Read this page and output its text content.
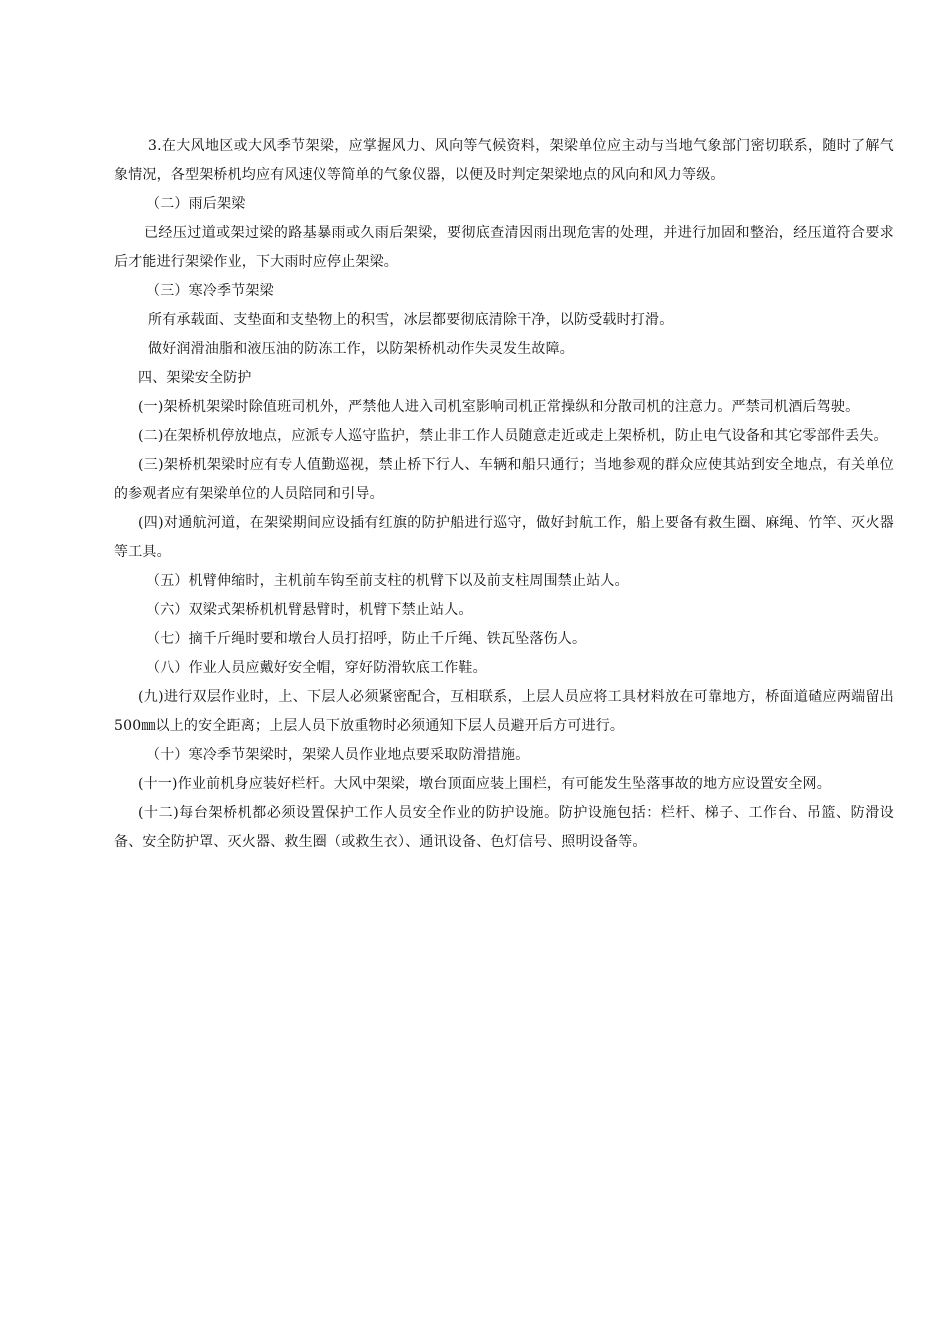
3.在大风地区或大风季节架梁，应掌握风力、风向等气候资料，架梁单位应主动与当地气象部门密切联系，随时了解气象情况，各型架桥机均应有风速仪等简单的气象仪器，以便及时判定架梁地点的风向和风力等级。

（二）雨后架梁

已经压过道或架过梁的路基暴雨或久雨后架梁，要彻底查清因雨出现危害的处理，并进行加固和整治，经压道符合要求后才能进行架梁作业，下大雨时应停止架梁。

（三）寒冷季节架梁

所有承载面、支垫面和支垫物上的积雪，冰层都要彻底清除干净，以防受载时打滑。

做好润滑油脂和液压油的防冻工作，以防架桥机动作失灵发生故障。

四、架梁安全防护

(一)架桥机架梁时除值班司机外，严禁他人进入司机室影响司机正常操纵和分散司机的注意力。严禁司机酒后驾驶。

(二)在架桥机停放地点，应派专人巡守监护，禁止非工作人员随意走近或走上架桥机，防止电气设备和其它零部件丢失。

(三)架桥机架梁时应有专人值勤巡视，禁止桥下行人、车辆和船只通行；当地参观的群众应使其站到安全地点，有关单位的参观者应有架梁单位的人员陪同和引导。

(四)对通航河道，在架梁期间应设插有红旗的防护船进行巡守，做好封航工作，船上要备有救生圈、麻绳、竹竿、灭火器等工具。

（五）机臂伸缩时，主机前车钩至前支柱的机臂下以及前支柱周围禁止站人。

（六）双梁式架桥机机臂悬臂时，机臂下禁止站人。

（七）摘千斤绳时要和墩台人员打招呼，防止千斤绳、铁瓦坠落伤人。

（八）作业人员应戴好安全帽，穿好防滑软底工作鞋。

(九)进行双层作业时，上、下层人必须紧密配合，互相联系，上层人员应将工具材料放在可靠地方，桥面道碴应两端留出500㎜以上的安全距离；上层人员下放重物时必须通知下层人员避开后方可进行。

（十）寒冷季节架梁时，架梁人员作业地点要采取防滑措施。

(十一)作业前机身应装好栏杆。大风中架梁，墩台顶面应装上围栏，有可能发生坠落事故的地方应设置安全网。

(十二)每台架桥机都必须设置保护工作人员安全作业的防护设施。防护设施包括：栏杆、梯子、工作台、吊篮、防滑设备、安全防护罩、灭火器、救生圈（或救生衣）、通讯设备、色灯信号、照明设备等。
